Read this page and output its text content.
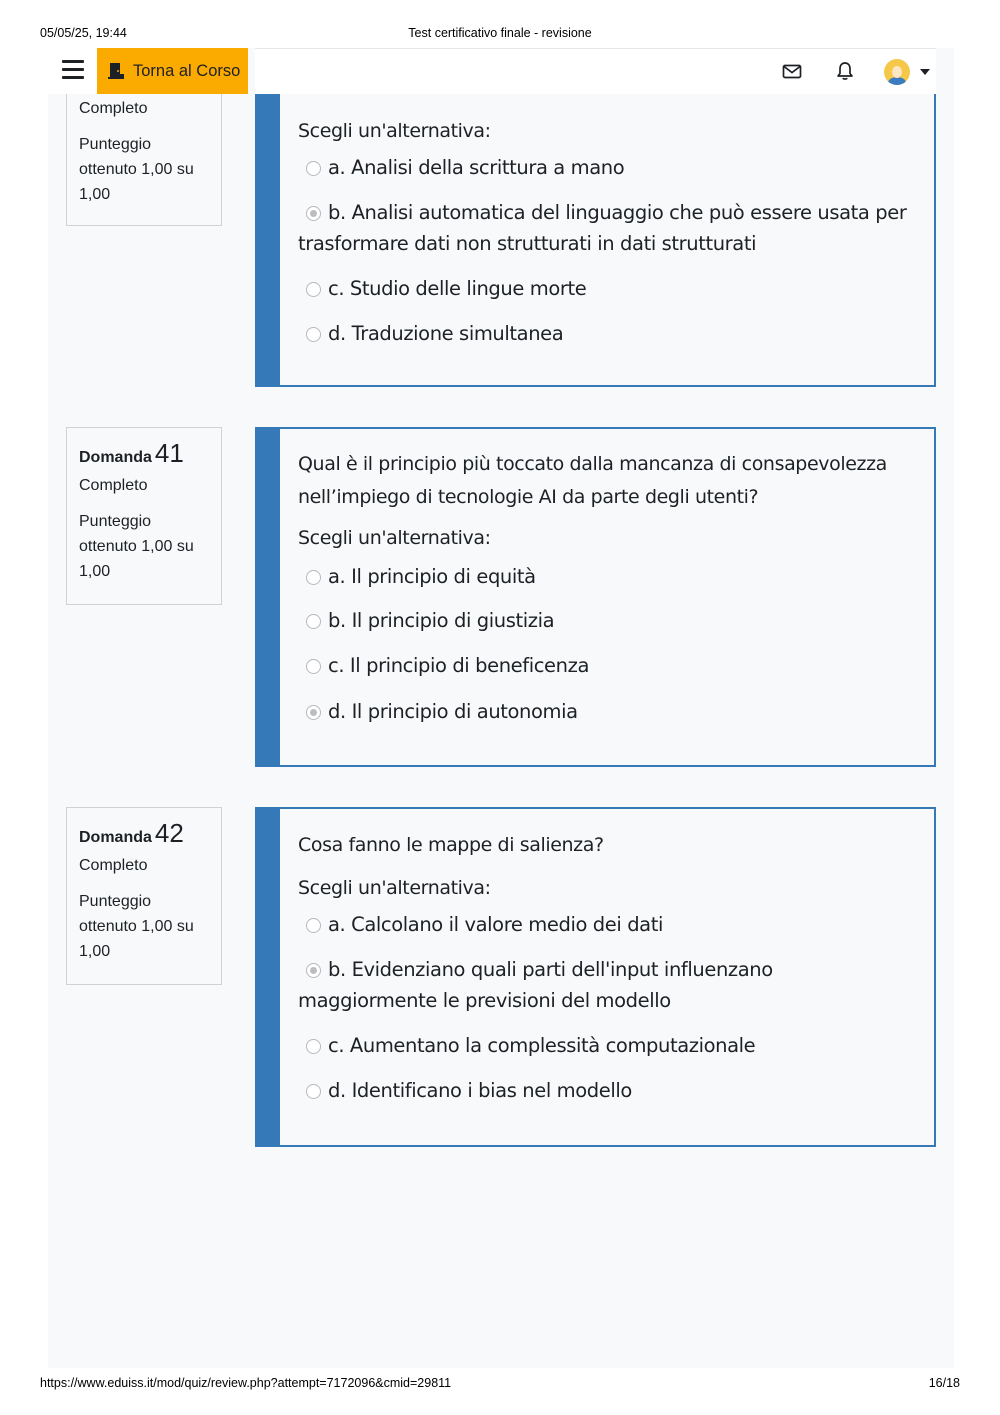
05/05/25, 19:44	Test certificativo finale - revisione
Completo
Punteggio
ottenuto 1,00 su
1,00
Domanda 41
Completo
Punteggio
ottenuto 1,00 su
1,00
Domanda 42
Completo
Punteggio
ottenuto 1,00 su
1,00
Scegli un'alternativa:
a. Analisi della scrittura a mano
b. Analisi automatica del linguaggio che può essere usata per trasformare dati non strutturati in dati strutturati
c. Studio delle lingue morte
d. Traduzione simultanea
Qual è il principio più toccato dalla mancanza di consapevolezza nell’impiego di tecnologie AI da parte degli utenti?
Scegli un'alternativa:
a. Il principio di equità
b. Il principio di giustizia
c. Il principio di beneficenza
d. Il principio di autonomia
Cosa fanno le mappe di salienza?
Scegli un'alternativa:
a. Calcolano il valore medio dei dati
b. Evidenziano quali parti dell'input influenzano maggiormente le previsioni del modello
c. Aumentano la complessità computazionale
d. Identificano i bias nel modello
Torna al Corso
https://www.eduiss.it/mod/quiz/review.php?attempt=7172096&cmid=29811	16/18
